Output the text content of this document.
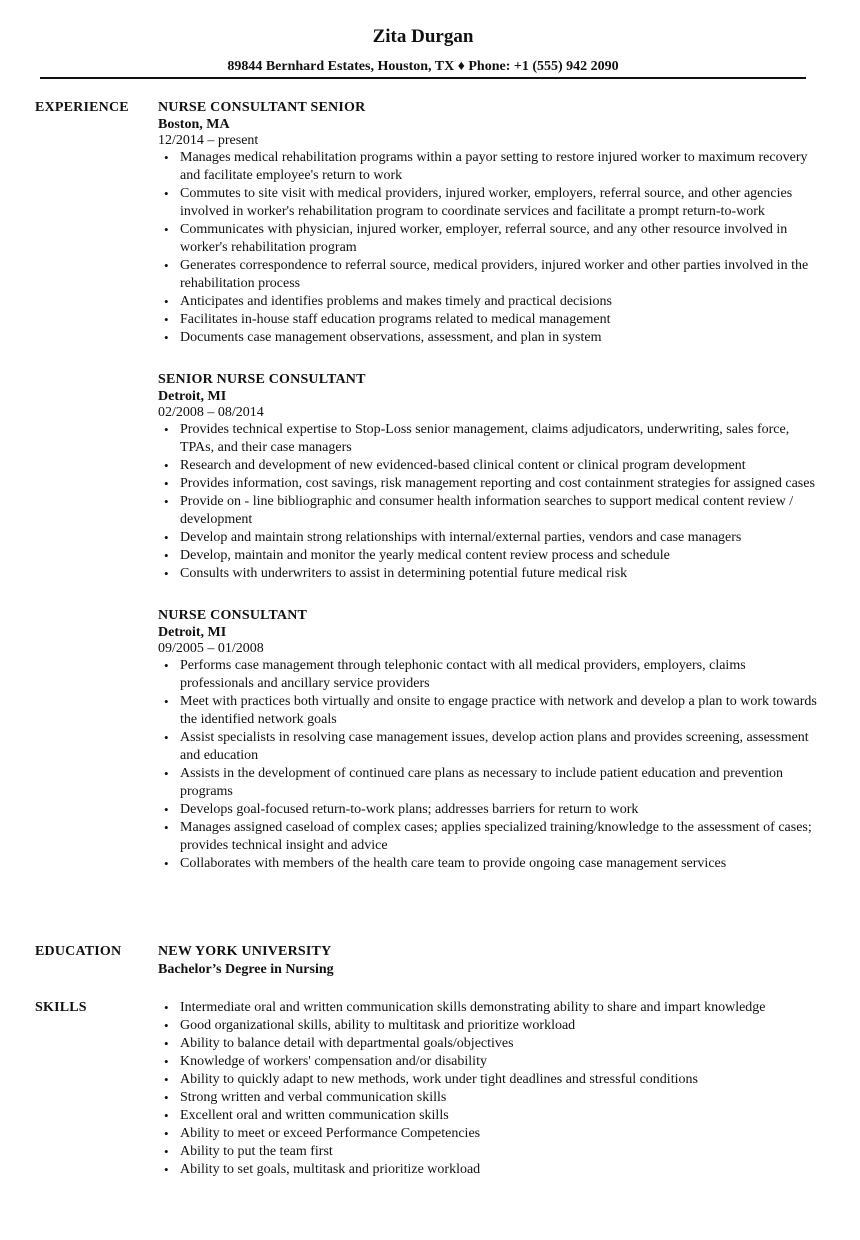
Zita Durgan
89844 Bernhard Estates, Houston, TX ♦ Phone: +1 (555) 942 2090
EXPERIENCE NURSE CONSULTANT SENIOR
Boston, MA
12/2014 – present
• Manages medical rehabilitation programs within a payor setting to restore injured worker to maximum recovery and facilitate employee's return to work
• Commutes to site visit with medical providers, injured worker, employers, referral source, and other agencies involved in worker's rehabilitation program to coordinate services and facilitate a prompt return-to-work
• Communicates with physician, injured worker, employer, referral source, and any other resource involved in worker's rehabilitation program
• Generates correspondence to referral source, medical providers, injured worker and other parties involved in the rehabilitation process
• Anticipates and identifies problems and makes timely and practical decisions
• Facilitates in-house staff education programs related to medical management
• Documents case management observations, assessment, and plan in system
SENIOR NURSE CONSULTANT
Detroit, MI
02/2008 – 08/2014
• Provides technical expertise to Stop-Loss senior management, claims adjudicators, underwriting, sales force, TPAs, and their case managers
• Research and development of new evidenced-based clinical content or clinical program development
• Provides information, cost savings, risk management reporting and cost containment strategies for assigned cases
• Provide on - line bibliographic and consumer health information searches to support medical content review / development
• Develop and maintain strong relationships with internal/external parties, vendors and case managers
• Develop, maintain and monitor the yearly medical content review process and schedule
• Consults with underwriters to assist in determining potential future medical risk
NURSE CONSULTANT
Detroit, MI
09/2005 – 01/2008
• Performs case management through telephonic contact with all medical providers, employers, claims professionals and ancillary service providers
• Meet with practices both virtually and onsite to engage practice with network and develop a plan to work towards the identified network goals
• Assist specialists in resolving case management issues, develop action plans and provides screening, assessment and education
• Assists in the development of continued care plans as necessary to include patient education and prevention programs
• Develops goal-focused return-to-work plans; addresses barriers for return to work
• Manages assigned caseload of complex cases; applies specialized training/knowledge to the assessment of cases; provides technical insight and advice
• Collaborates with members of the health care team to provide ongoing case management services
EDUCATION	NEW YORK UNIVERSITY
Bachelor’s Degree in Nursing
SKILLS
•	Intermediate oral and written communication skills demonstrating ability to share and impart knowledge
• Good organizational skills, ability to multitask and prioritize workload
• Ability to balance detail with departmental goals/objectives
• Knowledge of workers' compensation and/or disability
• Ability to quickly adapt to new methods, work under tight deadlines and stressful conditions
• Strong written and verbal communication skills
• Excellent oral and written communication skills
• Ability to meet or exceed Performance Competencies
• Ability to put the team first
• Ability to set goals, multitask and prioritize workload
